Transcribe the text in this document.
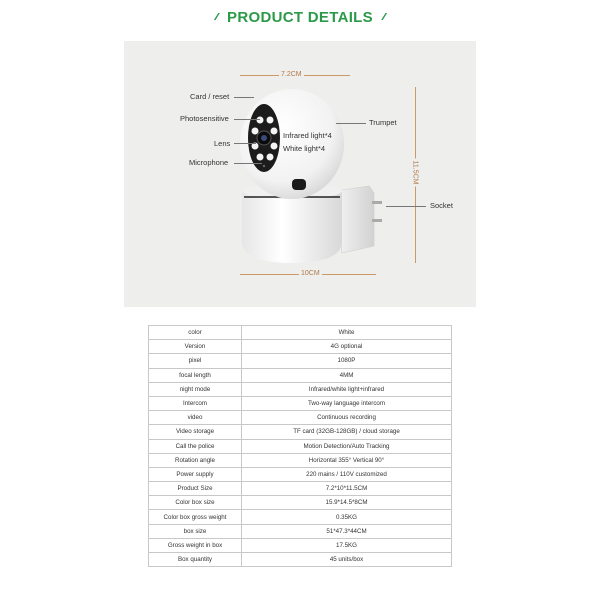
⁄⁄ PRODUCT DETAILS ⁄⁄
7.2CM
10CM
11.5CM
Card / reset
Photosensitive
Lens
Microphone
Infrared light*4
White light*4
Trumpet
Socket
color	White
Version	4G optional
pixel	1080P
focal length	4MM
night mode	Infrared/white light+infrared
Intercom	Two-way language intercom
video	Continuous recording
Video storage	TF card (32GB-128GB) / cloud storage
Call the police	Motion Detection/Auto Tracking
Rotation angle	Horizontal 355° Vertical 90°
Power supply	220 mains / 110V customized
Product Size	7.2*10*11.5CM
Color box size	15.9*14.5*8CM
Color box gross weight	0.35KG
box size	51*47.3*44CM
Gross weight in box	17.5KG
Box quantity	45 units/box
